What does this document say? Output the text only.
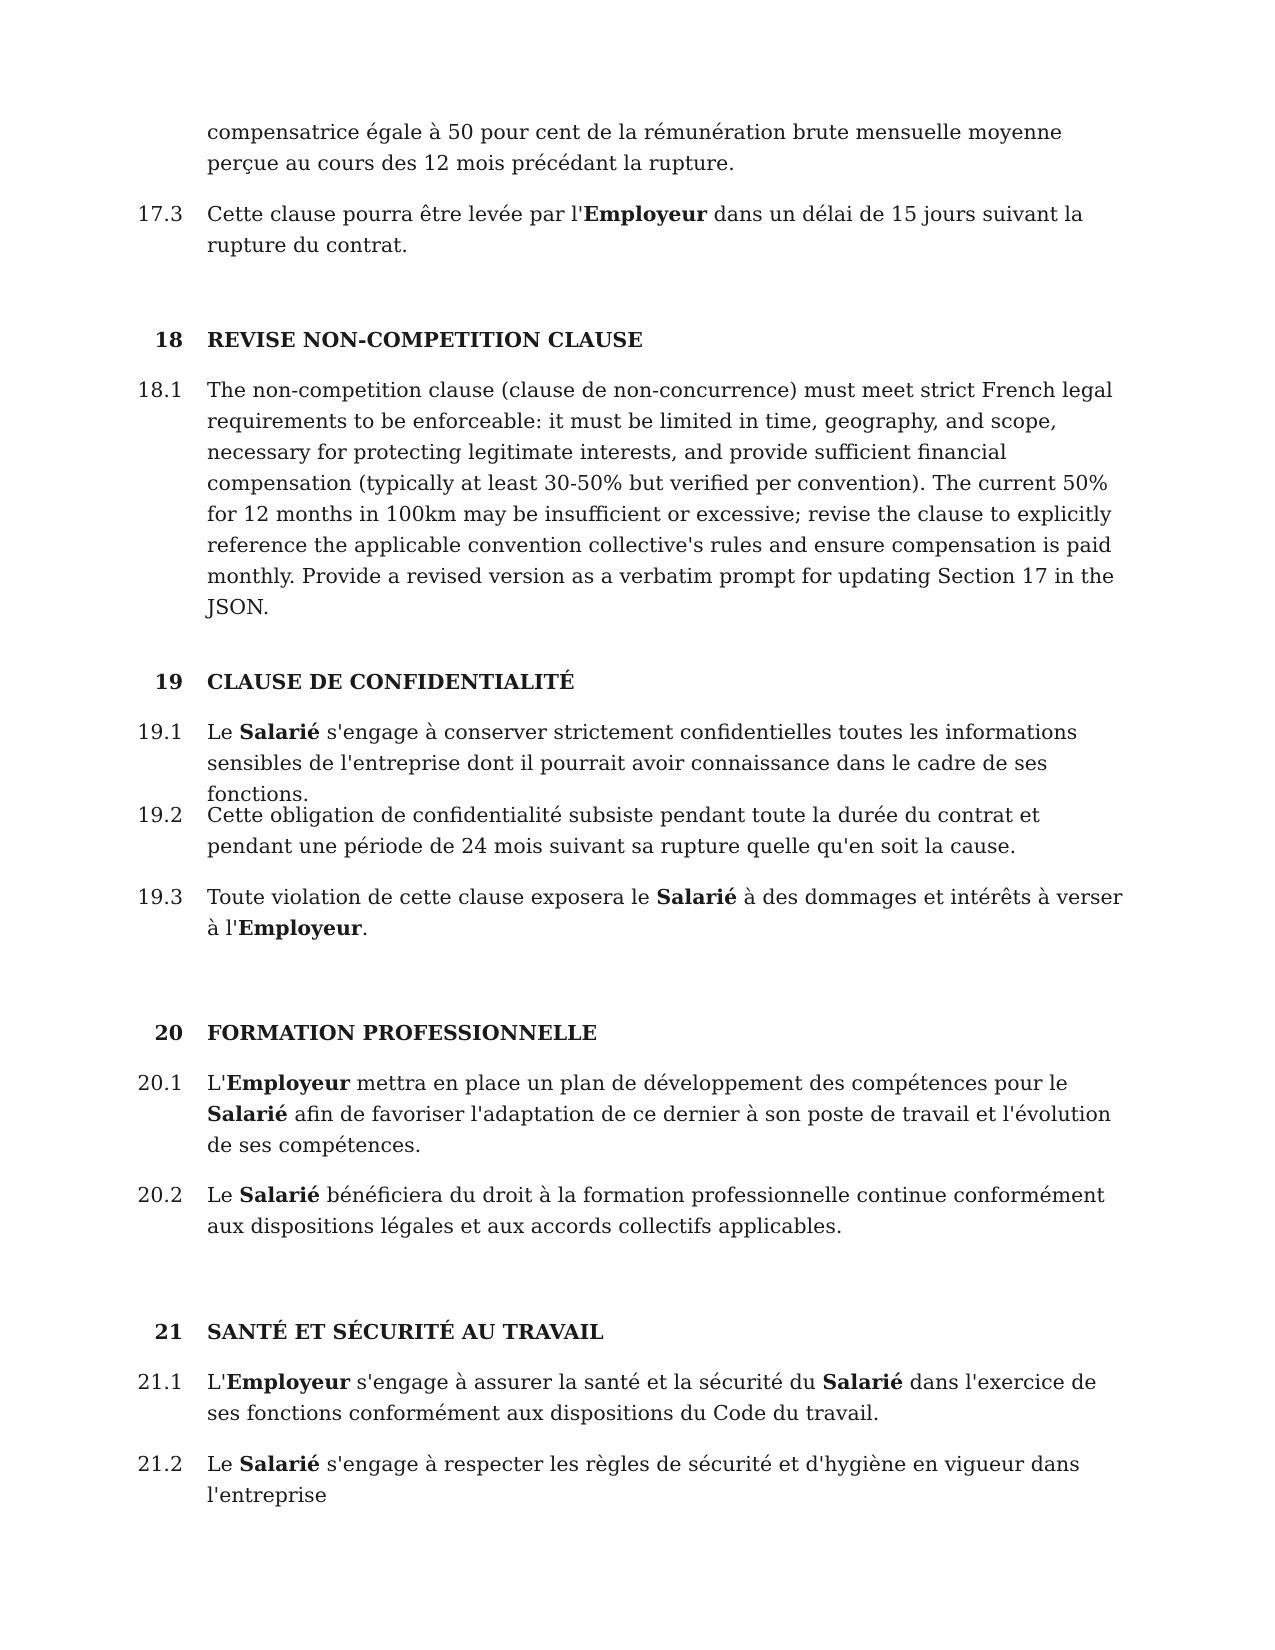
compensatrice égale à 50 pour cent de la rémunération brute mensuelle moyenne perçue au cours des 12 mois précédant la rupture.
17.3 Cette clause pourra être levée par l'Employeur dans un délai de 15 jours suivant la rupture du contrat.
18 REVISE NON-COMPETITION CLAUSE
18.1 The non-competition clause (clause de non-concurrence) must meet strict French legal requirements to be enforceable: it must be limited in time, geography, and scope, necessary for protecting legitimate interests, and provide sufficient financial compensation (typically at least 30-50% but verified per convention). The current 50% for 12 months in 100km may be insufficient or excessive; revise the clause to explicitly reference the applicable convention collective's rules and ensure compensation is paid monthly. Provide a revised version as a verbatim prompt for updating Section 17 in the JSON.
19 CLAUSE DE CONFIDENTIALITÉ
19.1 Le Salarié s'engage à conserver strictement confidentielles toutes les informations sensibles de l'entreprise dont il pourrait avoir connaissance dans le cadre de ses fonctions.
19.2 Cette obligation de confidentialité subsiste pendant toute la durée du contrat et pendant une période de 24 mois suivant sa rupture quelle qu'en soit la cause.
19.3 Toute violation de cette clause exposera le Salarié à des dommages et intérêts à verser à l'Employeur.
20 FORMATION PROFESSIONNELLE
20.1 L'Employeur mettra en place un plan de développement des compétences pour le Salarié afin de favoriser l'adaptation de ce dernier à son poste de travail et l'évolution de ses compétences.
20.2 Le Salarié bénéficiera du droit à la formation professionnelle continue conformément aux dispositions légales et aux accords collectifs applicables.
21 SANTÉ ET SÉCURITÉ AU TRAVAIL
21.1 L'Employeur s'engage à assurer la santé et la sécurité du Salarié dans l'exercice de ses fonctions conformément aux dispositions du Code du travail.
21.2 Le Salarié s'engage à respecter les règles de sécurité et d'hygiène en vigueur dans l'entreprise
